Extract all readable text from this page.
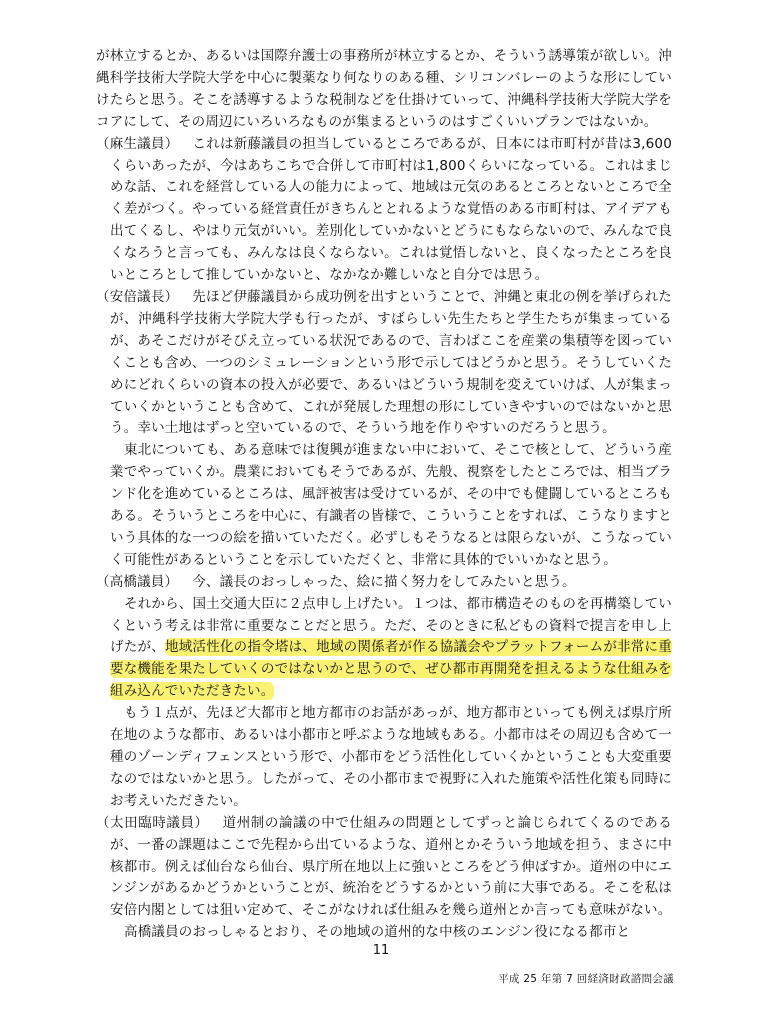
が林立するとか、あるいは国際弁護士の事務所が林立するとか、そういう誘導策が欲しい。沖縄科学技術大学院大学を中心に製薬なり何なりのある種、シリコンバレーのような形にしていけたらと思う。そこを誘導するような税制などを仕掛けていって、沖縄科学技術大学院大学をコアにして、その周辺にいろいろなものが集まるというのはすごくいいプランではないか。

（麻生議員） これは新藤議員の担当しているところであるが、日本には市町村が昔は3,600くらいあったが、今はあちこちで合併して市町村は1,800くらいになっている。これはまじめな話、これを経営している人の能力によって、地域は元気のあるところとないところで全く差がつく。やっている経営責任がきちんととれるような覚悟のある市町村は、アイデアも出てくるし、やはり元気がいい。差別化していかないとどうにもならないので、みんなで良くなろうと言っても、みんなは良くならない。これは覚悟しないと、良くなったところを良いところとして推していかないと、なかなか難しいなと自分では思う。

（安倍議長） 先ほど伊藤議員から成功例を出すということで、沖縄と東北の例を挙げられたが、沖縄科学技術大学院大学も行ったが、すばらしい先生たちと学生たちが集まっているが、あそこだけがそびえ立っている状況であるので、言わばここを産業の集積等を図っていくことも含め、一つのシミュレーションという形で示してはどうかと思う。そうしていくためにどれくらいの資本の投入が必要で、あるいはどういう規制を変えていけば、人が集まっていくかということも含めて、これが発展した理想の形にしていきやすいのではないかと思う。幸い土地はずっと空いているので、そういう地を作りやすいのだろうと思う。

東北についても、ある意味では復興が進まない中において、そこで核として、どういう産業でやっていくか。農業においてもそうであるが、先般、視察をしたところでは、相当ブランド化を進めているところは、風評被害は受けているが、その中でも健闘しているところもある。そういうところを中心に、有識者の皆様で、こういうことをすれば、こうなりますという具体的な一つの絵を描いていただく。必ずしもそうなるとは限らないが、こうなっていく可能性があるということを示していただくと、非常に具体的でいいかなと思う。

（高橋議員） 今、議長のおっしゃった、絵に描く努力をしてみたいと思う。

それから、国土交通大臣に２点申し上げたい。１つは、都市構造そのものを再構築していくという考えは非常に重要なことだと思う。ただ、そのときに私どもの資料で提言を申し上げたが、地域活性化の指令塔は、地域の関係者が作る協議会やプラットフォームが非常に重要な機能を果たしていくのではないかと思うので、ぜひ都市再開発を担えるような仕組みを組み込んでいただきたい。

もう１点が、先ほど大都市と地方都市のお話があっが、地方都市といっても例えば県庁所在地のような都市、あるいは小都市と呼ぶような地域もある。小都市はその周辺も含めて一種のゾーンディフェンスという形で、小都市をどう活性化していくかということも大変重要なのではないかと思う。したがって、その小都市まで視野に入れた施策や活性化策も同時にお考えいただきたい。

（太田臨時議員） 道州制の論議の中で仕組みの問題としてずっと論じられてくるのであるが、一番の課題はここで先程から出ているような、道州とかそういう地域を担う、まさに中核都市。例えば仙台なら仙台、県庁所在地以上に強いところをどう伸ばすか。道州の中にエンジンがあるかどうかということが、統治をどうするかという前に大事である。そこを私は安倍内閣としては狙い定めて、そこがなければ仕組みを幾ら道州とか言っても意味がない。

高橋議員のおっしゃるとおり、その地域の道州的な中核のエンジン役になる都市と

11
平成 25 年第 7 回経済財政諮問会議
